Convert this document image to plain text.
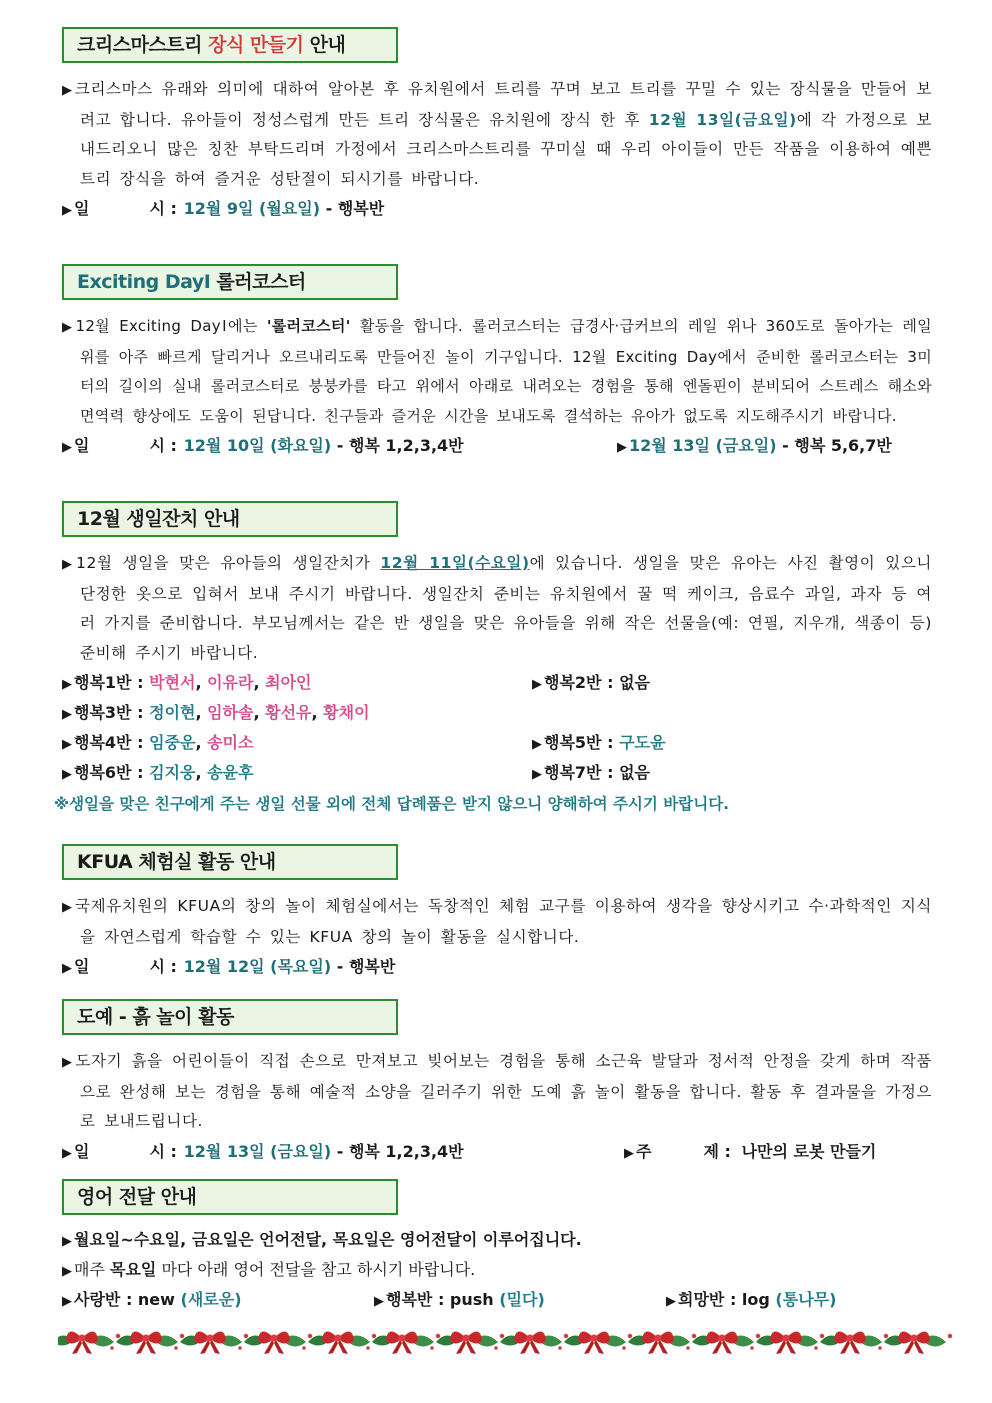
크리스마스트리 장식 만들기 안내

▶ 크리스마스 유래와 의미에 대하여 알아본 후 유치원에서 트리를 꾸며 보고 트리를 꾸밀 수 있는 장식물을 만들어 보려고 합니다. 유아들이 정성스럽게 만든 트리 장식물은 유치원에 장식 한 후 12월 13일(금요일)에 각 가정으로 보내드리오니 많은 칭찬 부탁드리며 가정에서 크리스마스트리를 꾸미실 때 우리 아이들이 만든 작품을 이용하여 예쁜 트리 장식을 하여 즐거운 성탄절이 되시기를 바랍니다.

▶ 일	시 : 12월 9일 (월요일) - 행복반
Exciting DayⅠ 롤러코스터

▶ 12월 Exciting DayⅠ에는 '롤러코스터' 활동을 합니다. 롤러코스터는 급경사·급커브의 레일 위나 360도로 돌아가는 레일 위를 아주 빠르게 달리거나 오르내리도록 만들어진 놀이 기구입니다. 12월 Exciting Day에서 준비한 롤러코스터는 3미터의 길이의 실내 롤러코스터로 붕붕카를 타고 위에서 아래로 내려오는 경험을 통해 엔돌핀이 분비되어 스트레스 해소와 면역력 향상에도 도움이 된답니다. 친구들과 즐거운 시간을 보내도록 결석하는 유아가 없도록 지도해주시기 바랍니다.

▶ 일	시 : 12월 10일 (화요일) - 행복 1,2,3,4반	▶ 12월 13일 (금요일) - 행복 5,6,7반
12월 생일잔치 안내

▶ 12월 생일을 맞은 유아들의 생일잔치가 12월 11일(수요일)에 있습니다. 생일을 맞은 유아는 사진 촬영이 있으니 단정한 옷으로 입혀서 보내 주시기 바랍니다. 생일잔치 준비는 유치원에서 꿀 떡 케이크, 음료수 과일, 과자 등 여러 가지를 준비합니다. 부모님께서는 같은 반 생일을 맞은 유아들을 위해 작은 선물을(예: 연필, 지우개, 색종이 등) 준비해 주시기 바랍니다.

▶ 행복1반 : 박현서, 이유라, 최아인	▶ 행복2반 : 없음
▶ 행복3반 : 정이현, 임하솔, 황선유, 황채이
▶ 행복4반 : 임중운, 송미소	▶ 행복5반 : 구도윤
▶ 행복6반 : 김지웅, 송윤후	▶ 행복7반 : 없음
※생일을 맞은 친구에게 주는 생일 선물 외에 전체 답례품은 받지 않으니 양해하여 주시기 바랍니다.
KFUA 체험실 활동 안내

▶ 국제유치원의 KFUA의 창의 놀이 체험실에서는 독창적인 체험 교구를 이용하여 생각을 향상시키고 수·과학적인 지식을 자연스럽게 학습할 수 있는 KFUA 창의 놀이 활동을 실시합니다.

▶ 일	시 : 12월 12일 (목요일) - 행복반
도예 - 흙 놀이 활동

▶ 도자기 흙을 어린이들이 직접 손으로 만져보고 빚어보는 경험을 통해 소근육 발달과 정서적 안정을 갖게 하며 작품으로 완성해 보는 경험을 통해 예술적 소양을 길러주기 위한 도예 흙 놀이 활동을 합니다. 활동 후 결과물을 가정으로 보내드립니다.

▶ 일	시 : 12월 13일 (금요일) - 행복 1,2,3,4반	▶ 주	제 : 나만의 로봇 만들기
영어 전달 안내
▶ 월요일~수요일, 금요일은 언어전달, 목요일은 영어전달이 이루어집니다.
▶ 매주 목요일 마다 아래 영어 전달을 참고 하시기 바랍니다.
▶ 사랑반 : new (새로운)	▶ 행복반 : push (밀다)	▶ 희망반 : log (통나무)
